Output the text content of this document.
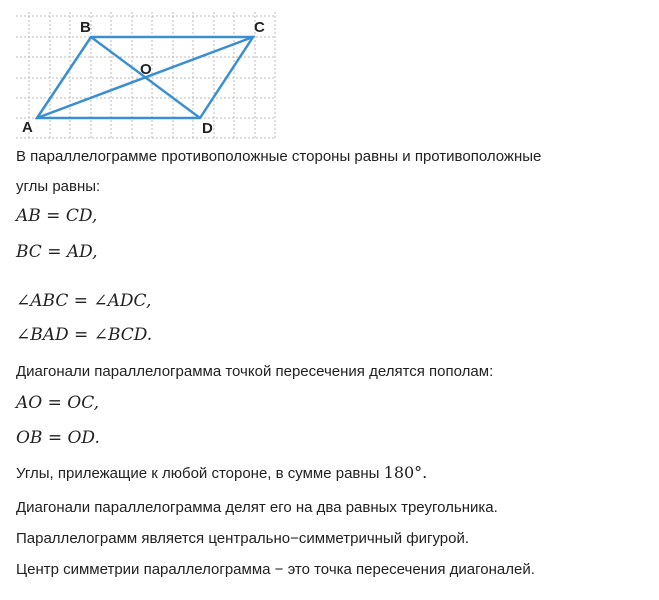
B	C
O
A	D
В параллелограмме противоположные стороны равны и противоположные
углы равны:
AB = CD,
BC = AD,
∠ABC = ∠ADC,
∠BAD = ∠BCD.
Диагонали параллелограмма точкой пересечения делятся пополам:
AO = OC,
OB = OD.
Углы, прилежащие к любой стороне, в сумме равны 180°.
Диагонали параллелограмма делят его на два равных треугольника.
Параллелограмм является центрально−симметричный фигурой.
Центр симметрии параллелограмма − это точка пересечения диагоналей.
